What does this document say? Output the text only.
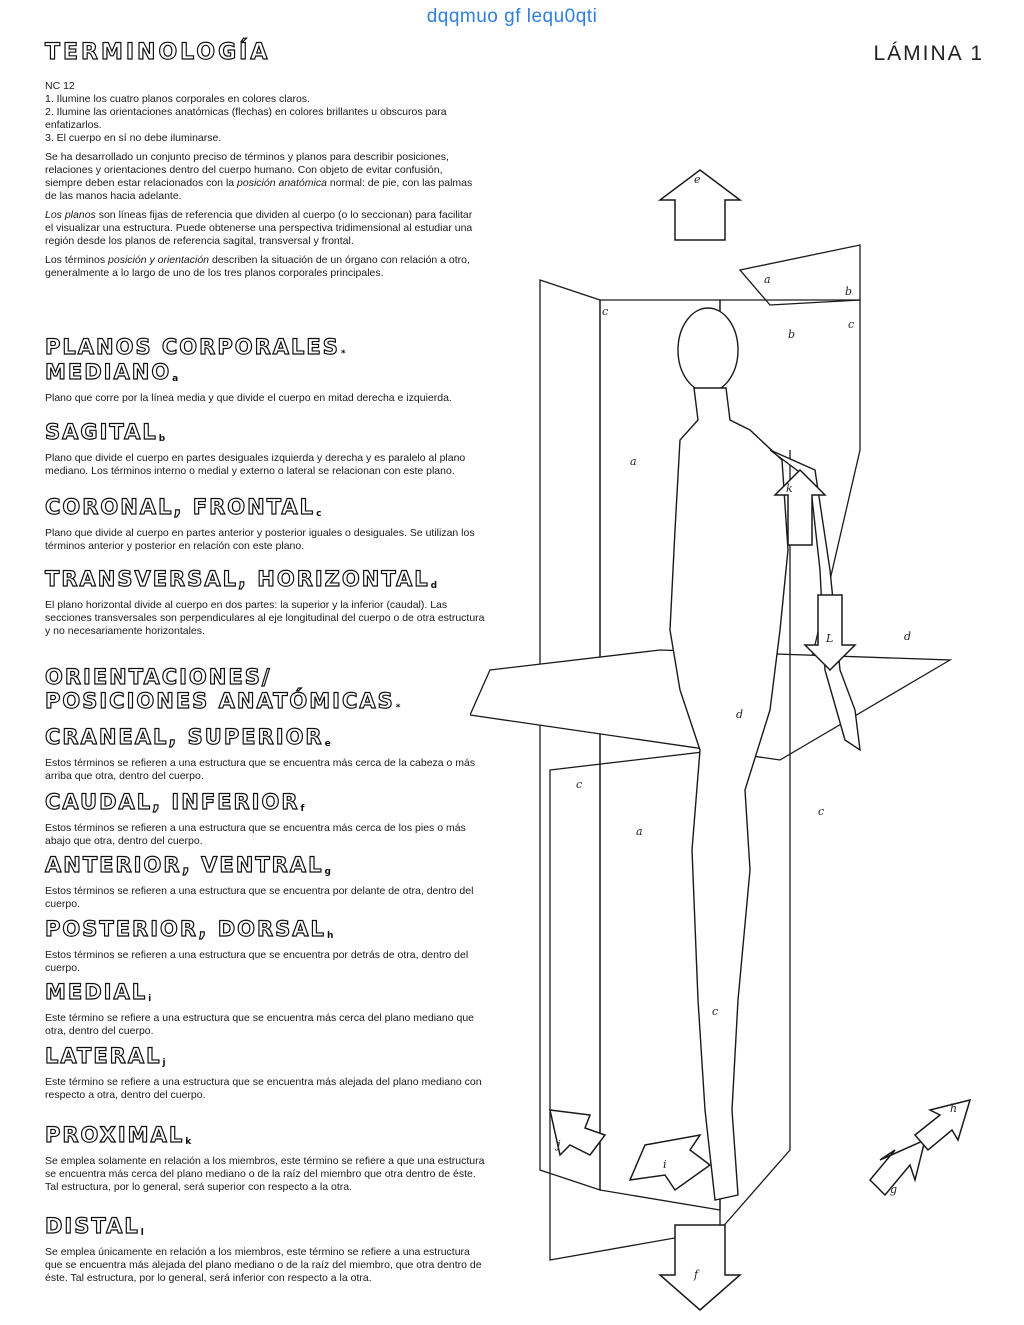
dqqmuo gf lequ0qti
LÁMINA 1
TERMINOLOGÍA
NC 12
1. Ilumine los cuatro planos corporales en colores claros.
2. Ilumine las orientaciones anatómicas (flechas) en colores brillantes u obscuros para enfatizarlos.
3. El cuerpo en sí no debe iluminarse.

Se ha desarrollado un conjunto preciso de términos y planos para describir posiciones, relaciones y orientaciones dentro del cuerpo humano. Con objeto de evitar confusión, siempre deben estar relacionados con la posición anatómica normal: de pie, con las palmas de las manos hacia adelante.

Los planos son líneas fijas de referencia que dividen al cuerpo (o lo seccionan) para facilitar el visualizar una estructura. Puede obtenerse una perspectiva tridimensional al estudiar una región desde los planos de referencia sagital, transversal y frontal.

Los términos posición y orientación describen la situación de un órgano con relación a otro, generalmente a lo largo de uno de los tres planos corporales principales.

PLANOS $CORPORALES_*$
$MEDIANO_a$

Plano que corre por la línea media y que divide el cuerpo en mitad derecha e izquierda.

$SAGITAL_b$

Plano que divide el cuerpo en partes desiguales izquierda y derecha y es paralelo al plano mediano. Los términos interno o medial y externo o lateral se relacionan con este plano.

CORONAL, $FRONTAL_c$

Plano que divide al cuerpo en partes anterior y posterior iguales o desiguales. Se utilizan los términos anterior y posterior en relación con este plano.

TRANSVERSAL, $HORIZONTAL_d$

El plano horizontal divide al cuerpo en dos partes: la superior y la inferior (caudal). Las secciones transversales son perpendiculares al eje longitudinal del cuerpo o de otra estructura y no necesariamente horizontales.

ORIENTACIONES/
POSICIONES $ANATÓMICAS_*$
CRANEAL, $SUPERIOR_e$

Estos términos se refieren a una estructura que se encuentra más cerca de la cabeza o más arriba que otra, dentro del cuerpo.

CAUDAL, $INFERIOR_f$

Estos términos se refieren a una estructura que se encuentra más cerca de los pies o más abajo que otra, dentro del cuerpo.

ANTERIOR, $VENTRAL_g$

Estos términos se refieren a una estructura que se encuentra por delante de otra, dentro del cuerpo.

POSTERIOR, $DORSAL_h$

Estos términos se refieren a una estructura que se encuentra por detrás de otra, dentro del cuerpo.

$MEDIAL_i$

Este término se refiere a una estructura que se encuentra más cerca del plano mediano que otra, dentro del cuerpo.

$LATERAL_j$

Este término se refiere a una estructura que se encuentra más alejada del plano mediano con respecto a otra, dentro del cuerpo.

$PROXIMAL_k$

Se emplea solamente en relación a los miembros, este término se refiere a que una estructura se encuentra más cerca del plano mediano o de la raíz del miembro que otra dentro de éste. Tal estructura, por lo general, será superior con respecto a la otra.

$DISTAL_l$

Se emplea únicamente en relación a los miembros, este término se refiere a una estructura que se encuentra más alejada del plano mediano o de la raíz del miembro, que otra dentro de éste. Tal estructura, por lo general, será inferior con respecto a la otra.

a
b
c
c
b
a
e
k
L	d
d
c
a
c
c
h
g
i
j
f
